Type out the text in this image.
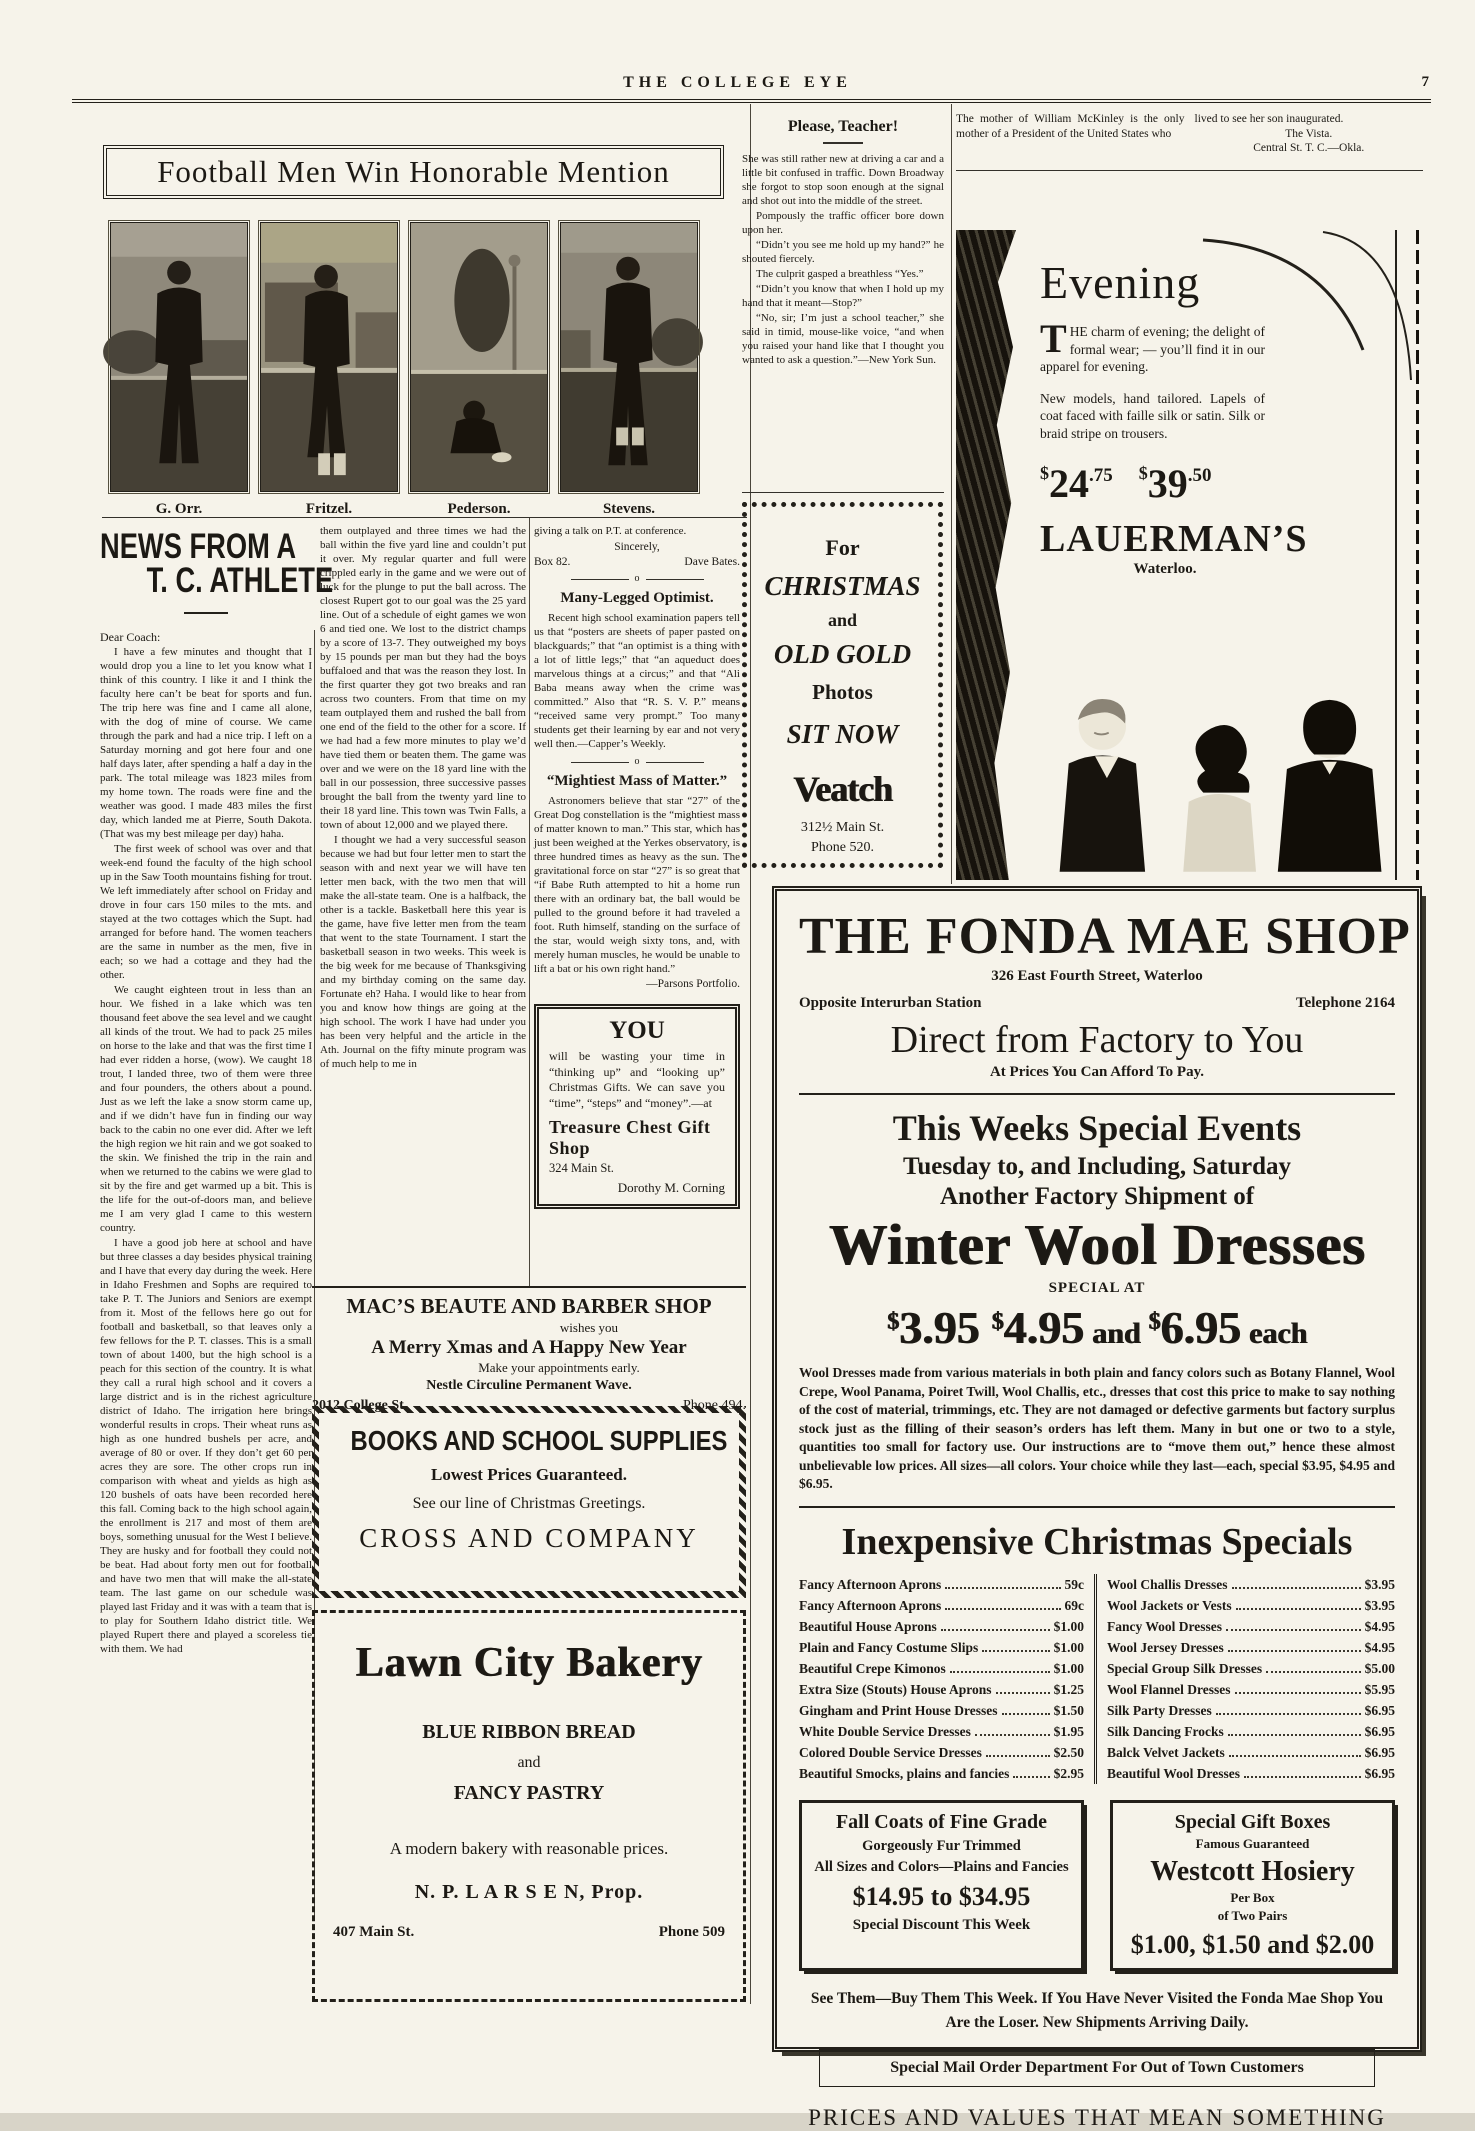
THE COLLEGE EYE	7
Football Men Win Honorable Mention
G. Orr.	Fritzel.	Pederson.	Stevens.
NEWS FROM A
T. C. ATHLETE

Dear Coach:

I have a few minutes and thought that I would drop you a line to let you know what I think of this country. I like it and I think the faculty here can’t be beat for sports and fun. The trip here was fine and I came all alone, with the dog of mine of course. We came through the park and had a nice trip. I left on a Saturday morning and got here four and one half days later, after spending a half a day in the park. The total mileage was 1823 miles from my home town. The roads were fine and the weather was good. I made 483 miles the first day, which landed me at Pierre, South Dakota. (That was my best mileage per day) haha.

The first week of school was over and that week-end found the faculty of the high school up in the Saw Tooth mountains fishing for trout. We left immediately after school on Friday and drove in four cars 150 miles to the mts. and stayed at the two cottages which the Supt. had arranged for before hand. The women teachers are the same in number as the men, five in each; so we had a cottage and they had the other.

We caught eighteen trout in less than an hour. We fished in a lake which was ten thousand feet above the sea level and we caught all kinds of the trout. We had to pack 25 miles on horse to the lake and that was the first time I had ever ridden a horse, (wow). We caught 18 trout, I landed three, two of them were three and four pounders, the others about a pound. Just as we left the lake a snow storm came up, and if we didn’t have fun in finding our way back to the cabin no one ever did. After we left the high region we hit rain and we got soaked to the skin. We finished the trip in the rain and when we returned to the cabins we were glad to sit by the fire and get warmed up a bit. This is the life for the out-of-doors man, and believe me I am very glad I came to this western country.

I have a good job here at school and have but three classes a day besides physical training and I have that every day during the week. Here in Idaho Freshmen and Sophs are required to take P. T. The Juniors and Seniors are exempt from it. Most of the fellows here go out for football and basketball, so that leaves only a few fellows for the P. T. classes. This is a small town of about 1400, but the high school is a peach for this section of the country. It is what they call a rural high school and it covers a large district and is in the richest agriculture district of Idaho. The irrigation here brings wonderful results in crops. Their wheat runs as high as one hundred bushels per acre, and average of 80 or over. If they don’t get 60 per acres they are sore. The other crops run in comparison with wheat and yields as high as 120 bushels of oats have been recorded here this fall. Coming back to the high school again, the enrollment is 217 and most of them are boys, something unusual for the West I believe. They are husky and for football they could not be beat. Had about forty men out for football and have two men that will make the all-state team. The last game on our schedule was played last Friday and it was with a team that is to play for Southern Idaho district title. We played Rupert there and played a scoreless tie with them. We had

them outplayed and three times we had the ball within the five yard line and couldn’t put it over. My regular quarter and full were crippled early in the game and we were out of luck for the plunge to put the ball across. The closest Rupert got to our goal was the 25 yard line. Out of a schedule of eight games we won 6 and tied one. We lost to the district champs by a score of 13-7. They outweighed my boys by 15 pounds per man but they had the boys buffaloed and that was the reason they lost. In the first quarter they got two breaks and ran across two counters. From that time on my team outplayed them and rushed the ball from one end of the field to the other for a score. If we had had a few more minutes to play we’d have tied them or beaten them. The game was over and we were on the 18 yard line with the ball in our possession, three successive passes brought the ball from the twenty yard line to their 18 yard line. This town was Twin Falls, a town of about 12,000 and we played there.

I thought we had a very successful season because we had but four letter men to start the season with and next year we will have ten letter men back, with the two men that will make the all-state team. One is a halfback, the other is a tackle. Basketball here this year is the game, have five letter men from the team that went to the state Tournament. I start the basketball season in two weeks. This week is the big week for me because of Thanksgiving and my birthday coming on the same day. Fortunate eh? Haha. I would like to hear from you and know how things are going at the high school. The work I have had under you has been very helpful and the article in the Ath. Journal on the fifty minute program was of much help to me in

giving a talk on P.T. at conference.

Sincerely,
Box 82.	Dave Bates.
o
Many-Legged Optimist.

Recent high school examination papers tell us that “posters are sheets of paper pasted on blackguards;” that “an optimist is a thing with a lot of little legs;” that “an aqueduct does marvelous things at a circus;” and that “Ali Baba means away when the crime was committed.” Also that “R. S. V. P.” means “received same very prompt.” Too many students get their learning by ear and not very well then.—Capper’s Weekly.

o
“Mightiest Mass of Matter.”

Astronomers believe that star “27” of the Great Dog constellation is the “mightiest mass of matter known to man.” This star, which has just been weighed at the Yerkes observatory, is three hundred times as heavy as the sun. The gravitational force on star “27” is so great that “if Babe Ruth attempted to hit a home run there with an ordinary bat, the ball would be pulled to the ground before it had traveled a foot. Ruth himself, standing on the surface of the star, would weigh sixty tons, and, with merely human muscles, he would be unable to lift a bat or his own right hand.”

—Parsons Portfolio.
YOU
will be wasting your time in “thinking up” and “looking up” Christmas Gifts. We can save you “time”, “steps” and “money”.—at
Treasure Chest Gift Shop
324 Main St.
Dorothy M. Corning
Please, Teacher!

She was still rather new at driving a car and a little bit confused in traffic. Down Broadway she forgot to stop soon enough at the signal and shot out into the middle of the street.

Pompously the traffic officer bore down upon her.

“Didn’t you see me hold up my hand?” he shouted fiercely.

The culprit gasped a breathless “Yes.”

“Didn’t you know that when I hold up my hand that it meant—Stop?”

“No, sir; I’m just a school teacher,” she said in timid, mouse-like voice, “and when you raised your hand like that I thought you wanted to ask a question.”—New York Sun.

For
CHRISTMAS
and
OLD GOLD
Photos
SIT NOW
Veatch
312½ Main St.
Phone 520.
The mother of William McKinley is the only mother of a President of the United States who
lived to see her son inaugurated.
The Vista.
Central St. T. C.—Okla.
Evening
THE charm of evening; the delight of formal wear; — you’ll find it in our apparel for evening.
New models, hand tailored. Lapels of coat faced with faille silk or satin. Silk or braid stripe on trousers.
$24.75 $39.50
LAUERMAN’S
Waterloo.
MAC’S BEAUTE AND BARBER SHOP
wishes you
A Merry Xmas and A Happy New Year
Make your appointments early.
Nestle Circuline Permanent Wave.
2012 College St.	Phone 494.
BOOKS AND SCHOOL SUPPLIES
Lowest Prices Guaranteed.
See our line of Christmas Greetings.
CROSS AND COMPANY
Lawn City Bakery
BLUE RIBBON BREAD
and
FANCY PASTRY
A modern bakery with reasonable prices.
N. P. L A R S E N, Prop.
407 Main St.	Phone 509
THE FONDA MAE SHOP
326 East Fourth Street, Waterloo
Opposite Interurban Station	Telephone 2164
Direct from Factory to You
At Prices You Can Afford To Pay.
This Weeks Special Events
Tuesday to, and Including, Saturday
Another Factory Shipment of
Winter Wool Dresses
SPECIAL AT
$3.95 $4.95 and $6.95 each
Wool Dresses made from various materials in both plain and fancy colors such as Botany Flannel, Wool Crepe, Wool Panama, Poiret Twill, Wool Challis, etc., dresses that cost this price to make to say nothing of the cost of material, trimmings, etc. They are not damaged or defective garments but factory surplus stock just as the filling of their season’s orders has left them. Many in but one or two to a style, quantities too small for factory use. Our instructions are to “move them out,” hence these almost unbelievable low prices. All sizes—all colors. Your choice while they last—each, special $3.95, $4.95 and $6.95.
Inexpensive Christmas Specials
Fancy Afternoon Aprons	59c
Fancy Afternoon Aprons	69c
Beautiful House Aprons	$1.00
Plain and Fancy Costume Slips	$1.00
Beautiful Crepe Kimonos	$1.00
Extra Size (Stouts) House Aprons	$1.25
Gingham and Print House Dresses	$1.50
White Double Service Dresses	$1.95
Colored Double Service Dresses	$2.50
Beautiful Smocks, plains and fancies	$2.95
Wool Challis Dresses	$3.95
Wool Jackets or Vests	$3.95
Fancy Wool Dresses	$4.95
Wool Jersey Dresses	$4.95
Special Group Silk Dresses	$5.00
Wool Flannel Dresses	$5.95
Silk Party Dresses	$6.95
Silk Dancing Frocks	$6.95
Balck Velvet Jackets	$6.95
Beautiful Wool Dresses	$6.95
Fall Coats of Fine Grade
Gorgeously Fur Trimmed
All Sizes and Colors—Plains and Fancies
$14.95 to $34.95
Special Discount This Week
Special Gift Boxes
Famous Guaranteed
Westcott Hosiery
Per Box
of Two Pairs
$1.00, $1.50 and $2.00
See Them—Buy Them This Week. If You Have Never Visited the Fonda Mae Shop You Are the Loser. New Shipments Arriving Daily.
Special Mail Order Department For Out of Town Customers
PRICES AND VALUES THAT MEAN SOMETHING
